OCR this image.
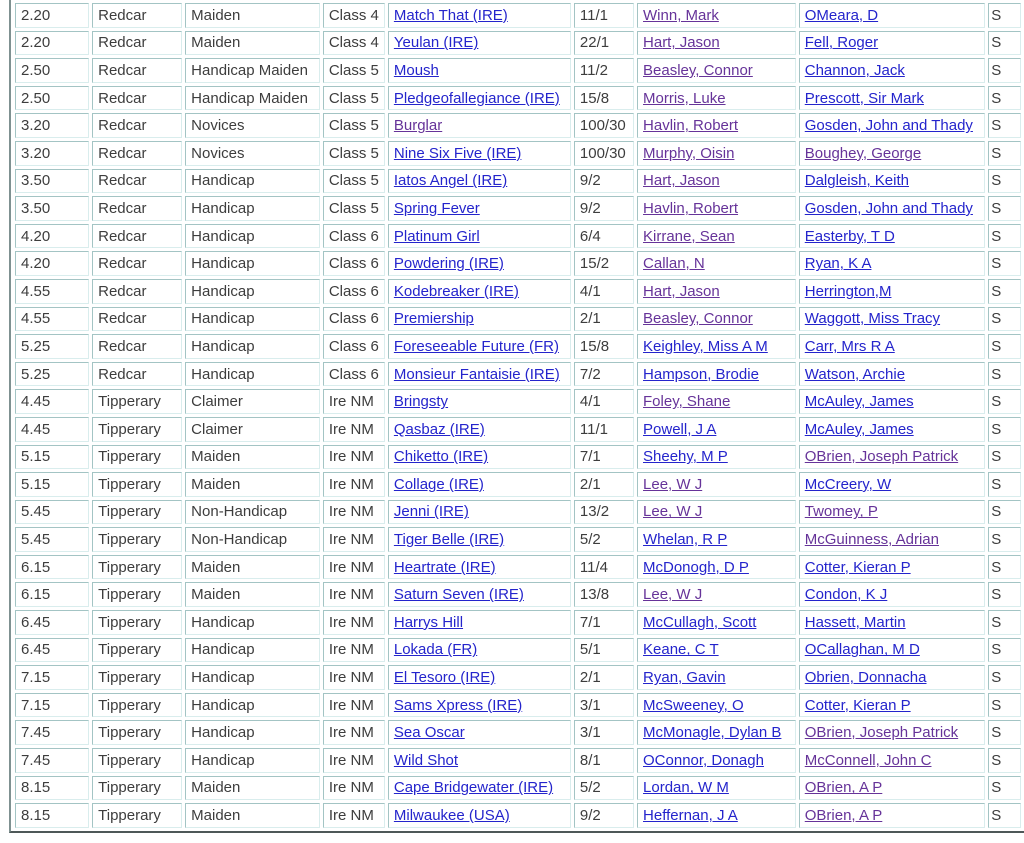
2.20	Redcar	Maiden	Class 4	Match That (IRE)	11/1	Winn, Mark	OMeara, D	S
2.20	Redcar	Maiden	Class 4	Yeulan (IRE)	22/1	Hart, Jason	Fell, Roger	S
2.50	Redcar	Handicap Maiden	Class 5	Moush	11/2	Beasley, Connor	Channon, Jack	S
2.50	Redcar	Handicap Maiden	Class 5	Pledgeofallegiance (IRE)	15/8	Morris, Luke	Prescott, Sir Mark	S
3.20	Redcar	Novices	Class 5	Burglar	100/30	Havlin, Robert	Gosden, John and Thady	S
3.20	Redcar	Novices	Class 5	Nine Six Five (IRE)	100/30	Murphy, Oisin	Boughey, George	S
3.50	Redcar	Handicap	Class 5	Iatos Angel (IRE)	9/2	Hart, Jason	Dalgleish, Keith	S
3.50	Redcar	Handicap	Class 5	Spring Fever	9/2	Havlin, Robert	Gosden, John and Thady	S
4.20	Redcar	Handicap	Class 6	Platinum Girl	6/4	Kirrane, Sean	Easterby, T D	S
4.20	Redcar	Handicap	Class 6	Powdering (IRE)	15/2	Callan, N	Ryan, K A	S
4.55	Redcar	Handicap	Class 6	Kodebreaker (IRE)	4/1	Hart, Jason	Herrington,M	S
4.55	Redcar	Handicap	Class 6	Premiership	2/1	Beasley, Connor	Waggott, Miss Tracy	S
5.25	Redcar	Handicap	Class 6	Foreseeable Future (FR)	15/8	Keighley, Miss A M	Carr, Mrs R A	S
5.25	Redcar	Handicap	Class 6	Monsieur Fantaisie (IRE)	7/2	Hampson, Brodie	Watson, Archie	S
4.45	Tipperary	Claimer	Ire NM	Bringsty	4/1	Foley, Shane	McAuley, James	S
4.45	Tipperary	Claimer	Ire NM	Qasbaz (IRE)	11/1	Powell, J A	McAuley, James	S
5.15	Tipperary	Maiden	Ire NM	Chiketto (IRE)	7/1	Sheehy, M P	OBrien, Joseph Patrick	S
5.15	Tipperary	Maiden	Ire NM	Collage (IRE)	2/1	Lee, W J	McCreery, W	S
5.45	Tipperary	Non-Handicap	Ire NM	Jenni (IRE)	13/2	Lee, W J	Twomey, P	S
5.45	Tipperary	Non-Handicap	Ire NM	Tiger Belle (IRE)	5/2	Whelan, R P	McGuinness, Adrian	S
6.15	Tipperary	Maiden	Ire NM	Heartrate (IRE)	11/4	McDonogh, D P	Cotter, Kieran P	S
6.15	Tipperary	Maiden	Ire NM	Saturn Seven (IRE)	13/8	Lee, W J	Condon, K J	S
6.45	Tipperary	Handicap	Ire NM	Harrys Hill	7/1	McCullagh, Scott	Hassett, Martin	S
6.45	Tipperary	Handicap	Ire NM	Lokada (FR)	5/1	Keane, C T	OCallaghan, M D	S
7.15	Tipperary	Handicap	Ire NM	El Tesoro (IRE)	2/1	Ryan, Gavin	Obrien, Donnacha	S
7.15	Tipperary	Handicap	Ire NM	Sams Xpress (IRE)	3/1	McSweeney, O	Cotter, Kieran P	S
7.45	Tipperary	Handicap	Ire NM	Sea Oscar	3/1	McMonagle, Dylan B	OBrien, Joseph Patrick	S
7.45	Tipperary	Handicap	Ire NM	Wild Shot	8/1	OConnor, Donagh	McConnell, John C	S
8.15	Tipperary	Maiden	Ire NM	Cape Bridgewater (IRE)	5/2	Lordan, W M	OBrien, A P	S
8.15	Tipperary	Maiden	Ire NM	Milwaukee (USA)	9/2	Heffernan, J A	OBrien, A P	S
